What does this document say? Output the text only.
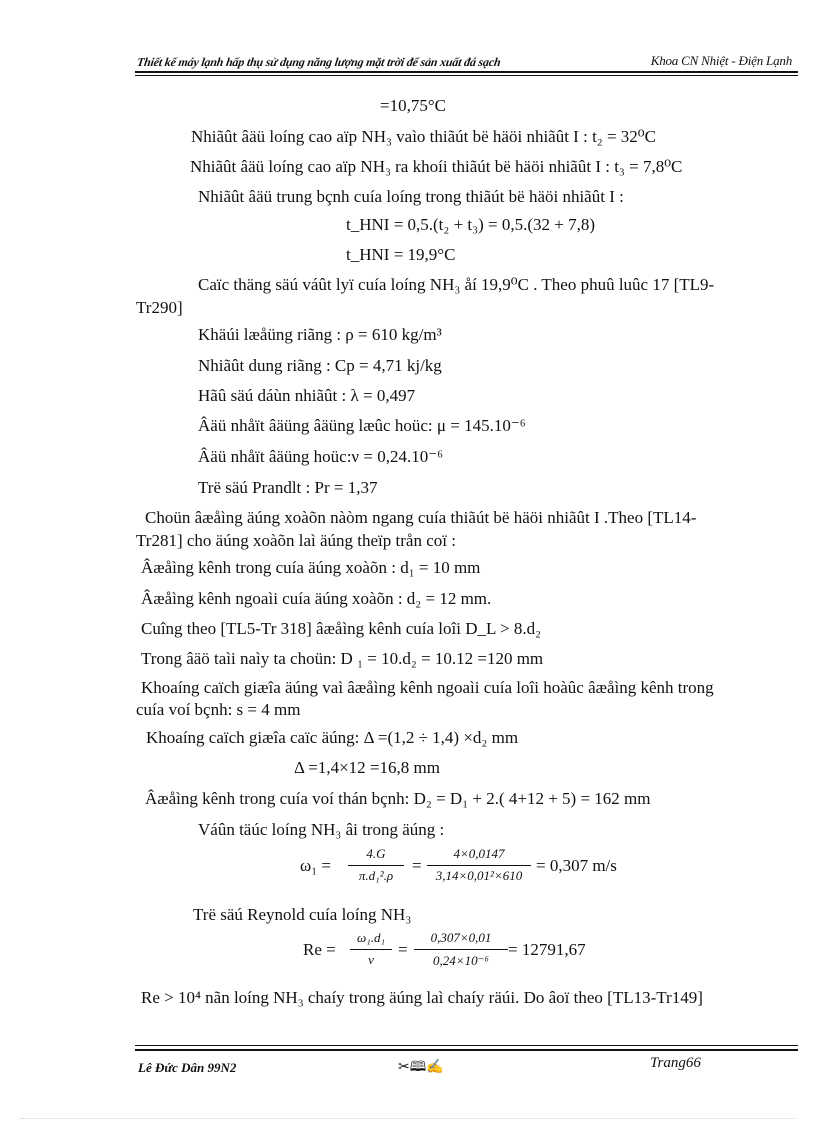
Thiết kế máy lạnh hấp thụ sử dụng năng lượng mặt trời để sản xuất đá sạch	Khoa CN Nhiệt - Điện Lạnh
=10,75°C
Nhiãût âäü loíng cao aïp NH₃ vaìo thiãút bë häöi nhiãût I : t₂ = 32⁰C
Nhiãût âäü loíng cao aïp NH₃ ra khoíi thiãút bë häöi nhiãût I : t₃ = 7,8⁰C
Nhiãût âäü trung bçnh cuía loíng trong thiãút bë häöi nhiãût I :
t_HNI = 0,5.(t₂ + t₃) = 0,5.(32 + 7,8)
t_HNI = 19,9°C
Caïc thäng säú váût lyï cuía loíng NH₃ åí 19,9⁰C . Theo phuû luûc 17 [TL9-
Tr290]
Khäúi læåüng riãng : ρ = 610 kg/m³
Nhiãût dung riãng : Cp = 4,71 kj/kg
Hãû säú dáùn nhiãût : λ = 0,497
Âäü nhåït âäüng âäüng læûc hoüc: μ = 145.10⁻⁶
Âäü nhåït âäüng hoüc:ν = 0,24.10⁻⁶
Trë säú Prandlt : Pr = 1,37
Choün âæåìng äúng xoàõn nàòm ngang cuía thiãút bë häöi nhiãût I .Theo [TL14-
Tr281] cho äúng xoàõn laì äúng theïp trån coï :
Âæåìng kênh trong cuía äúng xoàõn : d₁ = 10 mm
Âæåìng kênh ngoaìi cuía äúng xoàõn : d₂ = 12 mm.
Cuîng theo [TL5-Tr 318] âæåìng kênh cuía loîi D_L > 8.d₂
Trong âäö taìi naìy ta choün: D ₁ = 10.d₂ = 10.12 =120 mm
Khoaíng caïch giæîa äúng vaì âæåìng kênh ngoaìi cuía loîi hoàûc âæåìng kênh trong
cuía voí bçnh: s = 4 mm
Khoaíng caïch giæîa caïc äúng: Δ =(1,2 ÷ 1,4) ×d₂ mm
Δ =1,4×12 =16,8 mm
Âæåìng kênh trong cuía voí thán bçnh: D₂ = D₁ + 2.( 4+12 + 5) = 162 mm
Váûn täúc loíng NH₃ âi trong äúng :
ω₁ =
4.G
π.d₁².ρ
=
4×0,0147
3,14×0,01²×610
= 0,307 m/s
Trë säú Reynold cuía loíng NH₃
Re =
ω₁.d₁
ν
=
0,307×0,01
0,24×10⁻⁶
= 12791,67
Re > 10⁴ nãn loíng NH₃ chaíy trong äúng laì chaíy räúi. Do âoï theo [TL13-Tr149]
Lê Đức Dân 99N2	✂🕮✍	Trang66
